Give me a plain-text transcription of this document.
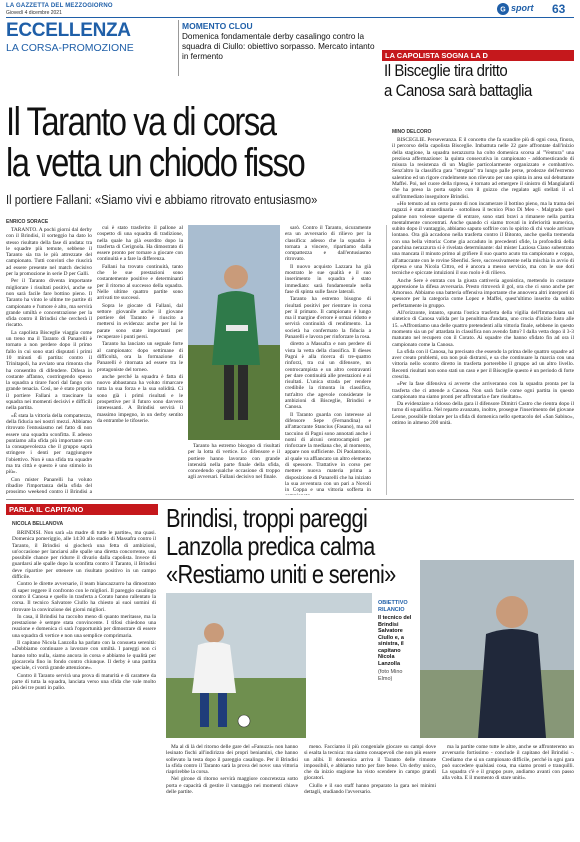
LA GAZZETTA DEL MEZZOGIORNO
Giovedì 4 dicembre 2021	G sport 63
ECCELLENZA
LA CORSA-PROMOZIONE
MOMENTO CLOU
Domenica fondamentale derby casalingo contro la squadra di Ciullo: obiettivo sorpasso. Mercato intanto in fermento
Il Taranto va di corsa
la vetta un chiodo fisso
Il portiere Fallani: «Siamo vivi e abbiamo ritrovato entusiasmo»
LA CAPOLISTA SOGNA LA D
Il Bisceglie tira dritto
a Canosa sarà battaglia
MINO DELCORO

BISCEGLIE. Perseveranza. È il concetto che fa scandire più di ogni cosa, finora, il percorso della capolista Bisceglie. Imbattuta nelle 22 gare affrontate dall'inizio della stagione, la squadra nerazzurra ha colto domenica scorsa al "Ventura" una preziosa affermazione: la quinta consecutiva in campionato - addomesticando di misura la resistenza di un Maglie particolarmente organizzato e combattivo. Senz'altro la classifica gara "stregata" tra lungo palle perse, prodezze dell'estremo salentino ed un rigore crudelmente non rilevato per uno spinta in area sul debuttante Maffei. Poi, nel cuore della ripresa, è tornato ad emergere il sinistro di Mangialardi che ha preso la porta sopito con il guizzo che regalato agli stellati il «1 sull'immediato inseguitore Brindisi.

«Ho temuto ad un certo punto di non incamerare il bottino pieno, ma la trama dei ragazzi è stata straordinaria - sottolinea il tecnico Pino Di Meo -. Malgrado quel palone non volesse saperne di entrare, sono stati bravi a rimanere nella partita mentalmente concentrati. Anche quando ci siamo trovati in inferiorità numerica, subito dopo il vantaggio, abbiamo saputo soffrire con lo spirito di chi vuole arrivare lontano. Ora già accadono nella trasferta contro il Bitonto, anche quella tremenda con una bella vittoria: Come gia accaduto in precedenti sfide, la profondità della panchina nerazzurra si è rivelata determinante: dal mister Laziosa Ciano subentrato una mancata il minuto primo al grifiere il suo quarto acuto tra campionato e coppa, all'attaccante con le rovine Sbenfisi. Sere, successivamente nella mischia in avvio di ripresa e una Nicola Cittro, ed è ancora a messo servizio, ma con le sue doti tecniche e spiccate intuizioni il suo ruolo è di rilievo.

Anche Sere è entrata con la giusta cattiveria agonistica, mettendo in costante apprensione la difesa avversaria. Presto ritroverà il gol, ora che ci sono anche per Amoruso. Abbiamo una batteria offensiva importante che annovera altri interpreti di spessore per la categoria come Lopez e Maffei, quest'ultimo inserito da subito perfettamente in gruppo.

All'orizzonte, intanto, spunta l'ostica trasferta della vigilia dell'Immacolata sul sintetico di Canosa valida per la penultima d'andata, uno crocia d'inizio fusto alle 15. «Affrontiamo una delle quattro pretendenti alla vittoria finale, sebbene in questo momento sia un po' attardata in classifica non avendo fatto? I dalla vetta dopo il 3-3 maturato nel recupero con il Corato. Ai squadre che hanno sfidato fin ad ora il campionato come la Canosa.

La sfida con il Canosa, ha precisato che essendo la prima delle quattro squadre ad aver creato problemi, ora non può distrarsi, e sa che continuare la marcia con una vittoria nello scontro diretto in trasferta porterebbe il gruppo ad un altro livello. Recenti risultati non sono stati un caso e per il Bisceglie questo è un periodo di forte crescita.

«Per la fase difensiva si avverte che arriveranno con la squadra pronta per la trasferta che ci attende a Canosa. Non sarà facile come ogni partita in questo campionato ma siamo pronti per affrontarla e fare risultato».

Da evidenziare a ridosso della gara il difensore Dimitri Castro che rientra dopo il turno di squalifica. Nel reparto avanzato, inoltre, prosegue l'inserimento del giovane Leone, possibile titolare per la sfida di domenica nello spettacolo del «San Sabino», ottimo in almeno 200 unità.

ENRICO SORACE

TARANTO. A pochi giorni dal derby con il Brindisi, il sorteggio ha dato lo stesso risultato della fase di andata: tra le squadre più temute, sebbene il Taranto sia tra le più attrezzate del campionato. Tutti convinti che riuscirà ad essere presente nel match decisivo per la promozione in serie D per Galli.

Per il Taranto diventa importante migliorare i risultati positivi, anche se non sarà facile fare bottino pieno. Il Taranto ha vinto le ultime tre partite di campionato e l'umore è alto, ma servirà grande umiltà e concentrazione per la sfida contro il Brindisi che cercherà il riscatto.

La capolista Bisceglie viaggia come un treno ma il Taranto di Panarelli è tornato a non perdere dopo il primo fallo in cui sono stati disputati i primi 10 minuti di partita: contro il Trinitapoli, ha avviato una rimonta che ha consentito di difendere. Difesa in costante affanno, costringendo spesso la squadra a tirare fuori dal fango con grande tenacia. Così, ne è stato proprio il portiere Fallani a trascinare la squadra nei momenti decisivi e difficili nella partita.

«È stata la vittoria della compattezza, della fiducia nei nostri mezzi. Abbiamo ritrovato l'entusiasmo nel fatto di non essere una squadra sconfitta. E adesso puntiamo alla sfida più importante con la consapevolezza che il gruppo saprà stringere i denti per raggiungere l'obiettivo. Non è una sfida tra squadre ma tra città e questo è uno stimolo in più».

Con mister Panarelli ha voluto ribadire l'importanza della sfida del prossimo weekend contro il Brindisi a

cui è stato trasferito il pallone al cospetto di una squadra di tradizione, nella quale ha già esordito dopo la trasferta di Cerignola. Ha dimostrato di essere pronto per tornare a giocare con continuità e a fare la differenza.

Fallani ha trovato continuità, tanto che le sue prestazioni sono costantemente positive e determinanti per il ritorno al successo della squadra. Nelle ultime quattro partite sono arrivati tre successi.

Sopra le giocate di Fallani, dal settore giovanile anche il giovane portiere del Taranto è riuscito a mettersi in evidenza: anche per lui le parate sono state importanti per recuperare i punti persi.

Taranto ha lanciato un segnale forte al campionato: dopo settimane di difficoltà, ora la formazione di Panarelli è ritornata ad essere tra le protagoniste del torneo.

anche perché la squadra è fatta di nuovo abbastanza ha voluto rimarcare tutta la sua forza e la sua solidità. Ci sono già i primi risultati e le prospettive per il futuro sono davvero interessanti. A Brindisi servirà il massimo impegno, in un derby sentito da entrambe le tifoserie.

sarò. Contro il Taranto, sicuramente era un avversario di rilievo per la classifica: adesso che la squadra è tornata a vincere, ripartiamo dalla compattezza e dall'entusiasmo ritrovato.

Il nuovo acquisto Lazzara ha già mostrato le sue qualità e il suo inserimento in squadra è stato immediato: sarà fondamentale nella fase di spinta sulle fasce laterali.

Taranto ha estremo bisogno di risultati positivi per rientrare in corsa per il primato. Il campionato è lungo ma il margine d'errore è ormai ridotto e servirà continuità di rendimento. La società ha confermato la fiducia a Panarelli e lavora per rinforzare la rosa.

diretto a Massafra e non perdere di vista la vetta della classifica. Il dieses Pagni è alla ricerca di tre-quattro rinforzi, tra cui un difensore, un centrocampista e un altro centravanti per dare continuità alle prestazioni e ai risultati. L'unica strada per rendere credibile la rimonta in classifica, tutt'altro che agevole considerate le ambizioni di Bisceglie, Brindisi e Canosa.

Il Taranto guarda con interesse al difensore Sepe (Fernandina) e all'attaccante Stancius (Fasano), ma sul taccuino di Pagni sono annotati anche i nomi di alcuni centrocampisti per rinforzare la mediana che, al momento, appare non sufficiente. Di Paolantonio, al quale va affiancato un altro elemento di spessore. Trattative in corso per mettere nuova materia prima a disposizione di Panarelli che ha iniziato la sua avventura con un pari a Novoli in Coppa e una vittoria sofferta in

Taranto ha estremo bisogno di risultati per la lotta di vertice. Lo difensore e il portiere hanno lavorato con grande intensità nella parte finale della sfida, concedendo qualche occasione di troppo agli avversari. Fallani decisivo nel finale.

PARLA IL CAPITANO
NICOLA BELLANOVA

BRINDISI. Non sarà «la madre di tutte le partite», ma quasi. Domenica pomeriggio, alle 14:30 allo stadio di Massafra contro il Taranto, il Brindisi si giocherà una fetta di ambizioni, un'occasione per lanciarsi alle spalle una diretta concorrente, una possibile chance per ridurre il divario dalla capolista. Invece di guardarsi alle spalle dopo la sconfitta contro il Taranto, il Brindisi deve ripartire per ottenere un risultato positivo in un campo difficile.

Contro le dirette avversarie, il team biancazzurro ha dimostrato di saper reggere il confronto con le migliori. Il pareggio casalingo contro il Canosa e quello in trasferta a Corato hanno rallentato la corsa. Il tecnico Salvatore Ciullo ha chiesto ai suoi uomini di ritrovare la convinzione dei giorni migliori.

In casa, il Brindisi ha raccolto meno di quanto meritasse, ma la prestazione è sempre stata convincente. I tifosi chiedono una reazione e domenica ci sarà l'opportunità per dimostrare di essere una squadra di vertice e non una semplice comprimaria.

Il capitano Nicola Lanzolla ha parlato con la consueta serenità: «Dobbiamo continuare a lavorare con umiltà. I pareggi non ci hanno tolto nulla, siamo ancora in corsa e abbiamo le qualità per giocarcela fino in fondo contro chiunque. Il derby è una partita speciale, ci vorrà grande attenzione».

Contro il Taranto servirà una prova di maturità e di carattere da parte di tutta la squadra, lanciata verso una sfida che vale molto più dei tre punti in palio.

Brindisi, troppi pareggi
Lanzolla predica calma
«Restiamo uniti e sereni»
OBIETTIVO RILANCIO
Il tecnico del Brindisi Salvatore Ciullo e, a sinistra, il capitano Nicola Lanzolla
(foto Mino Elmo)

Ma al di là del ritorno delle gare del «Fanuzzi» non hanno lesinato fischi all'indirizzo dei propri beniamini, che hanno sollevato la testa dopo il pareggio casalingo. Per il Brindisi la sfida contro il Taranto sarà la prova del nove: una vittoria riaprirebbe la corsa.

Nel girone di ritorno servirà maggiore concretezza sotto porta e capacità di gestire il vantaggio nei momenti chiave delle partite.

meno. Facciamo il più congeniale giocare su campi dove si esalta la tecnica: ma siamo consapevoli che non più essere un alibi. Il domenica arriva il Taranto delle rimonte impossibili, e abbiamo tutto per fare bene. Un derby unico, che da inizio stagione ha visto scendere in campo grandi giocatori.

Ciullo e il suo staff hanno preparato la gara nei minimi dettagli, studiando l'avversario.

ma la partite come tutte le altre, anche se affronteremo un avversario fortissimo - conclude il capitano del Brindisi -. Crediamo che si un campionato difficile, perché in ogni gara può succedere qualsiasi cosa, ma siamo pronti e tranquilli. La squadra c'è e il gruppo pure, andiamo avanti con passo alla volta. E il momento di stare uniti».
